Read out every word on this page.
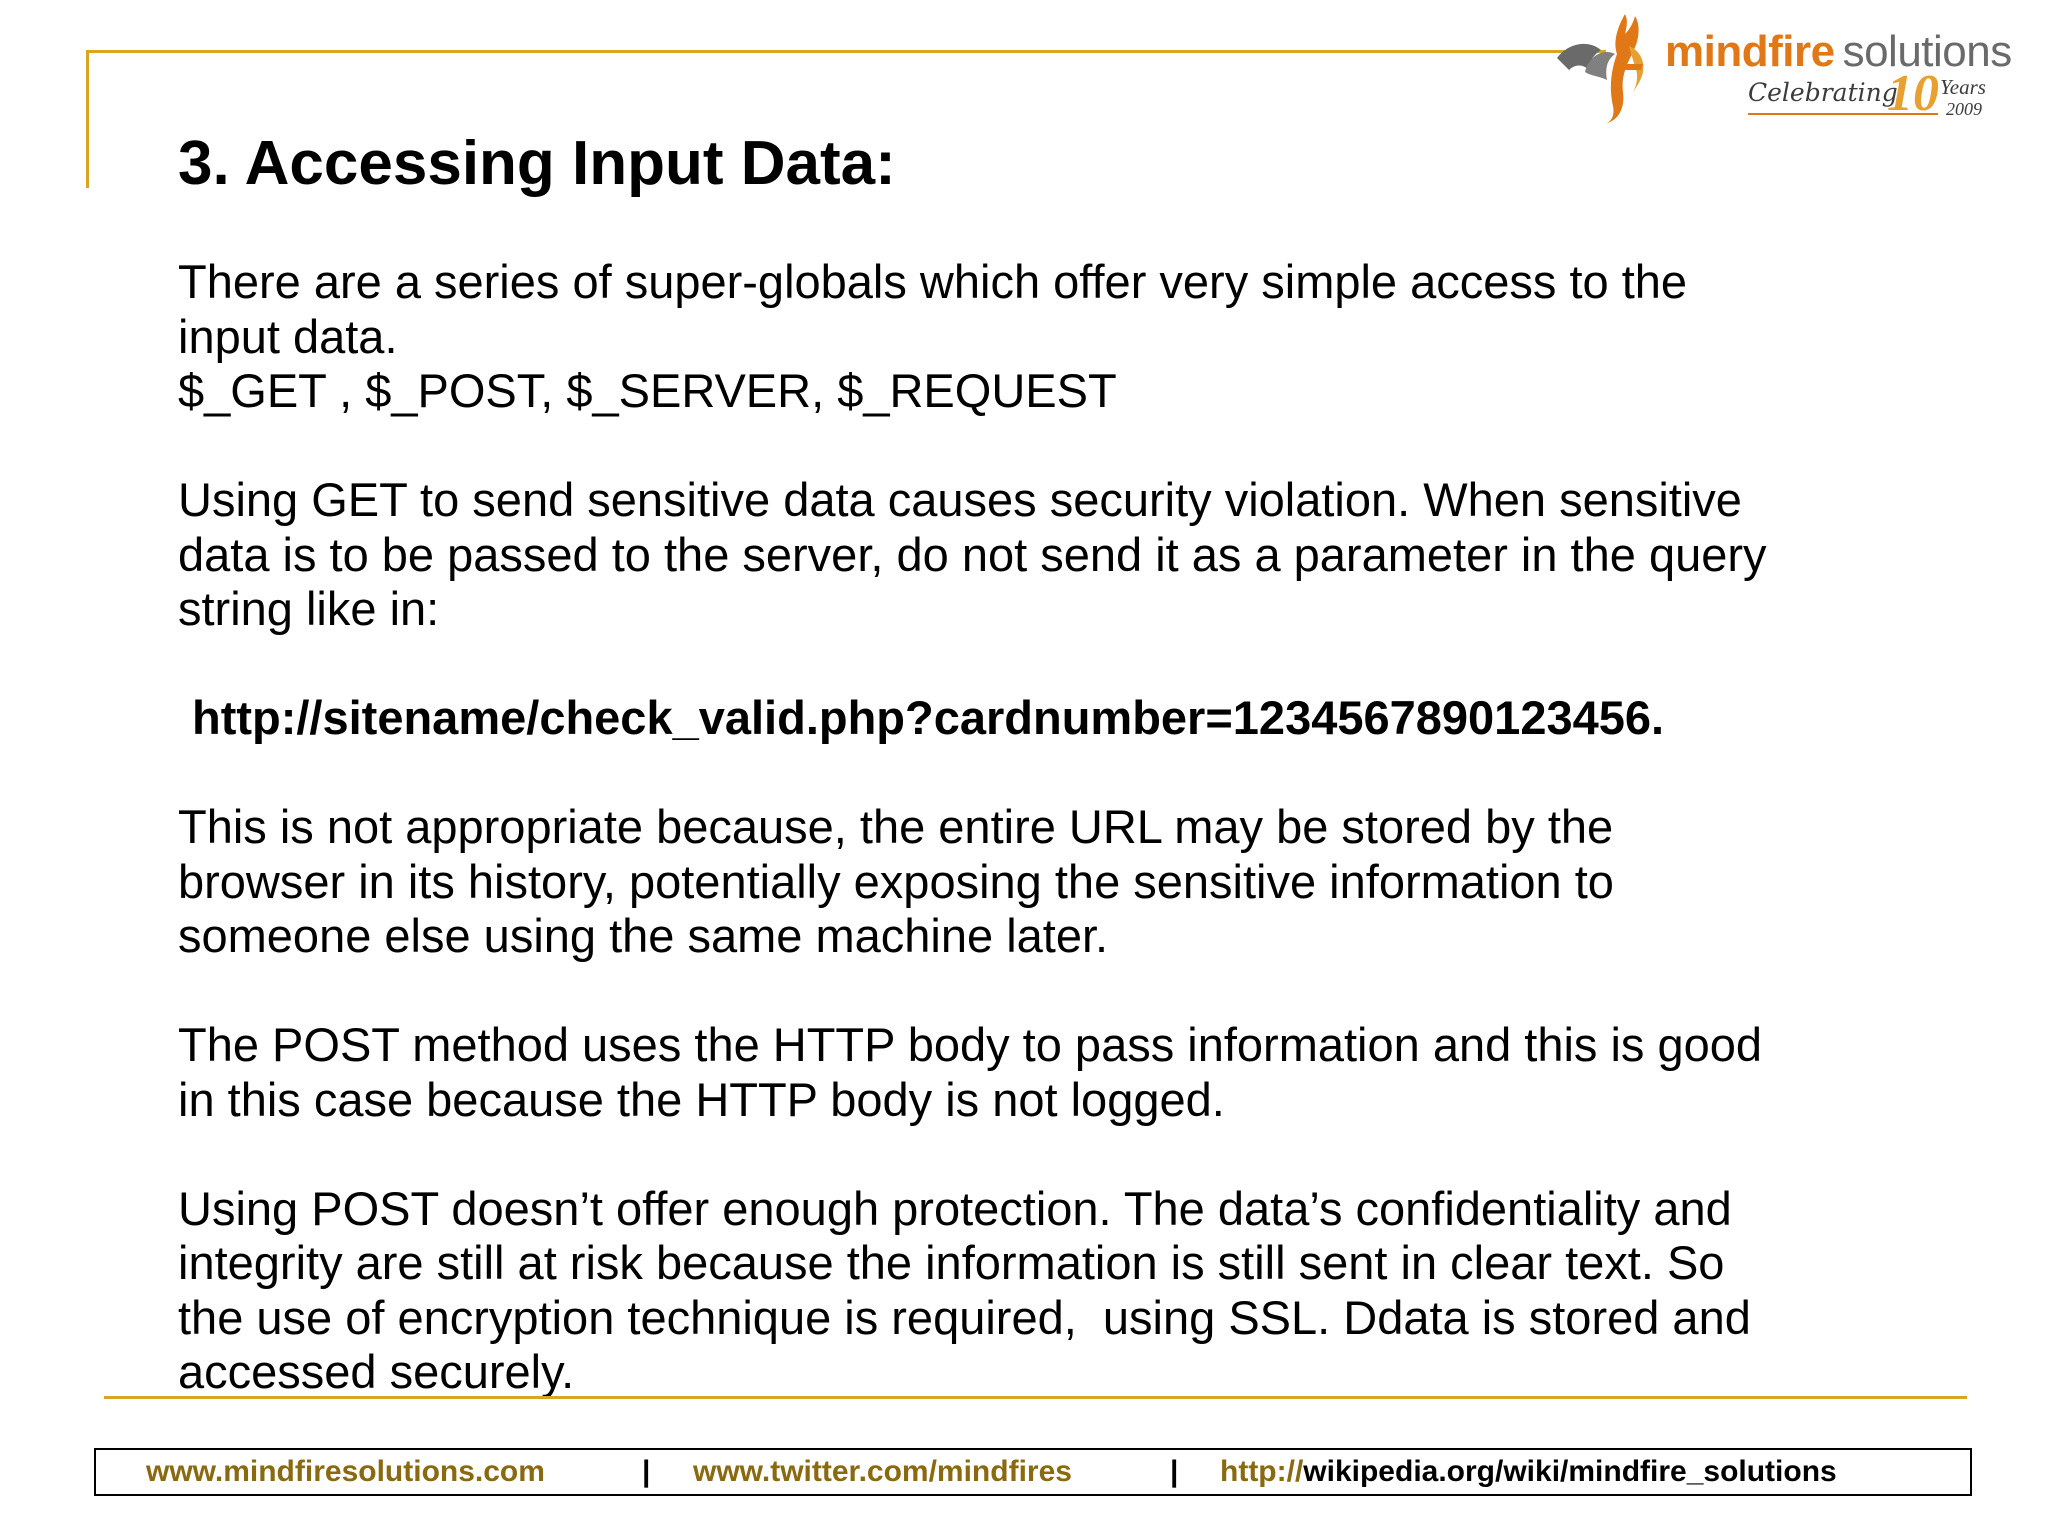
mindfire solutions
Celebrating
10 Years
2009
3. Accessing Input Data:

There are a series of super-globals which offer very simple access to the

input data.

$_GET , $_POST, $_SERVER, $_REQUEST

Using GET to send sensitive data causes security violation. When sensitive

data is to be passed to the server, do not send it as a parameter in the query

string like in:

http://sitename/check_valid.php?cardnumber=1234567890123456.

This is not appropriate because, the entire URL may be stored by the

browser in its history, potentially exposing the sensitive information to

someone else using the same machine later.

The POST method uses the HTTP body to pass information and this is good

in this case because the HTTP body is not logged.

Using POST doesn’t offer enough protection. The data’s confidentiality and

integrity are still at risk because the information is still sent in clear text. So

the use of encryption technique is required,  using SSL. Ddata is stored and

accessed securely.

www.mindfiresolutions.com	| www.twitter.com/mindfires	| http://wikipedia.org/wiki/mindfire_solutions
